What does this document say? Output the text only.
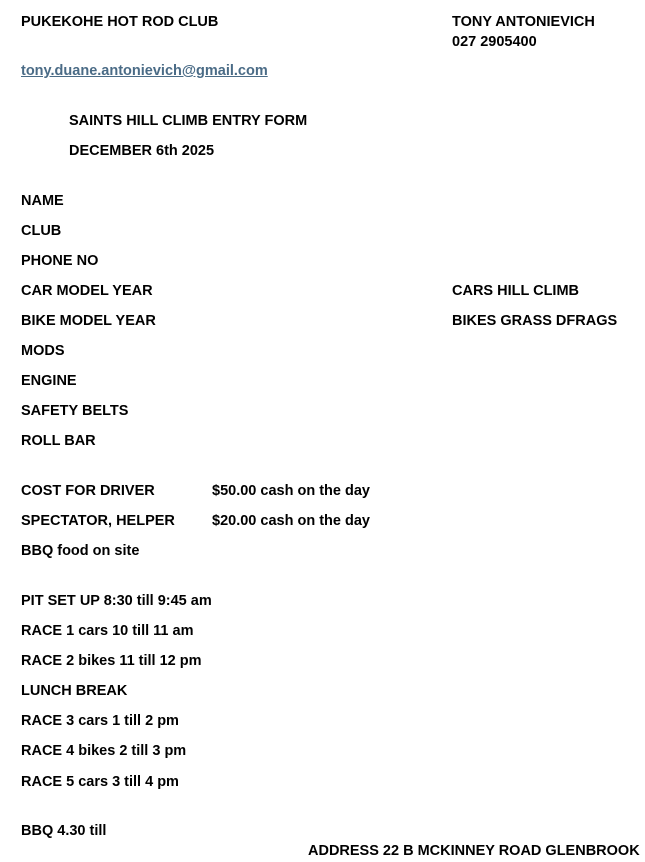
PUKEKOHE HOT ROD CLUB	TONY ANTONIEVICH
027 2905400
tony.duane.antonievich@gmail.com
SAINTS HILL CLIMB ENTRY FORM
DECEMBER 6th 2025
NAME
CLUB
PHONE NO
CAR MODEL YEAR	CARS HILL CLIMB
BIKE MODEL YEAR	BIKES GRASS DFRAGS
MODS
ENGINE
SAFETY BELTS
ROLL BAR
COST FOR DRIVER	$50.00 cash on the day
SPECTATOR, HELPER	$20.00 cash on the day
BBQ food on site
PIT SET UP 8:30 till 9:45 am
RACE 1 cars 10 till 11 am
RACE 2 bikes 11 till 12 pm
LUNCH BREAK
RACE 3 cars 1 till 2 pm
RACE 4 bikes 2 till 3 pm
RACE 5 cars 3 till 4 pm
BBQ 4.30 till
ADDRESS 22 B MCKINNEY ROAD GLENBROOK
